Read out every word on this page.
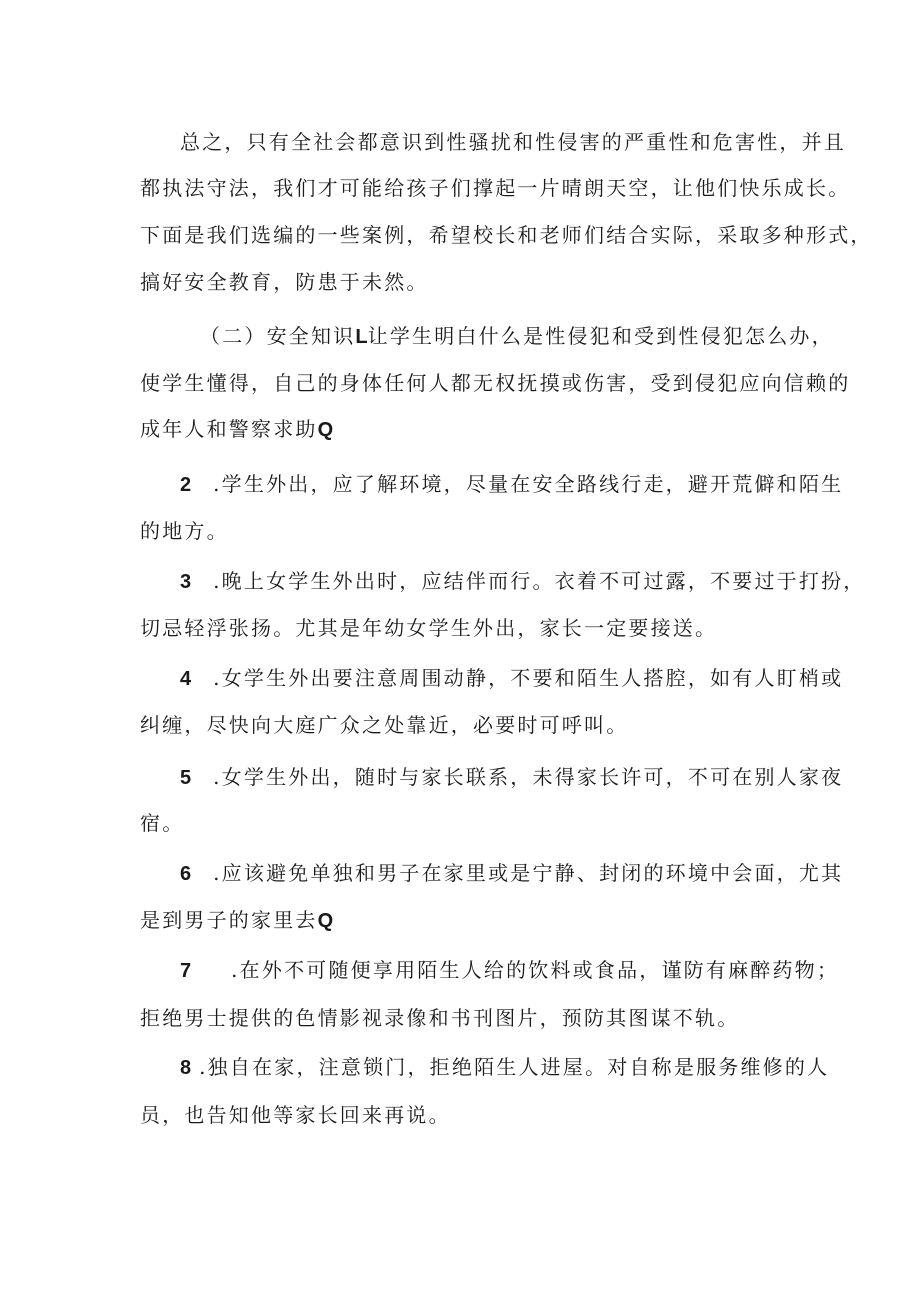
总之，只有全社会都意识到性骚扰和性侵害的严重性和危害性，并且
都执法守法，我们才可能给孩子们撑起一片晴朗天空，让他们快乐成长。
下面是我们选编的一些案例，希望校长和老师们结合实际，采取多种形式，
搞好安全教育，防患于未然。
（二）安全知识L让学生明白什么是性侵犯和受到性侵犯怎么办，
使学生懂得，自己的身体任何人都无权抚摸或伤害，受到侵犯应向信赖的
成年人和警察求助Q
2 .学生外出，应了解环境，尽量在安全路线行走，避开荒僻和陌生
的地方。
3 .晚上女学生外出时，应结伴而行。衣着不可过露，不要过于打扮，
切忌轻浮张扬。尤其是年幼女学生外出，家长一定要接送。
4 .女学生外出要注意周围动静，不要和陌生人搭腔，如有人盯梢或
纠缠，尽快向大庭广众之处靠近，必要时可呼叫。
5 .女学生外出，随时与家长联系，未得家长许可，不可在别人家夜
宿。
6 .应该避免单独和男子在家里或是宁静、封闭的环境中会面，尤其
是到男子的家里去Q
7 .在外不可随便享用陌生人给的饮料或食品，谨防有麻醉药物；
拒绝男士提供的色情影视录像和书刊图片，预防其图谋不轨。
8 .独自在家，注意锁门，拒绝陌生人进屋。对自称是服务维修的人
员，也告知他等家长回来再说。
